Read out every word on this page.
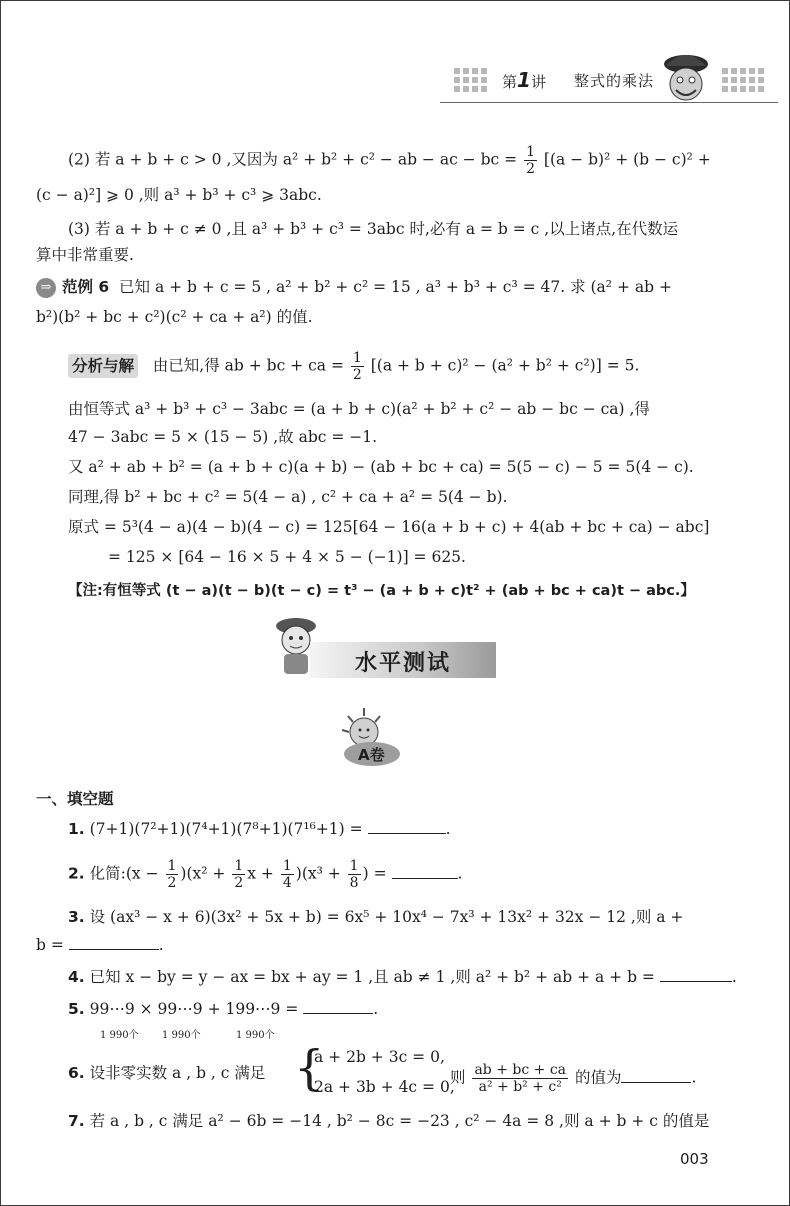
第1讲 整式的乘法
(2) 若 a + b + c > 0 ,又因为 a² + b² + c² − ab − ac − bc = $\frac{1}{2} [(a - b)^2 + (b - c)^2$ +
(c − a)²] ⩾ 0 ,则 a³ + b³ + c³ ⩾ 3abc.
(3) 若 a + b + c ≠ 0 ,且 a³ + b³ + c³ = 3abc 时,必有 a = b = c ,以上诸点,在代数运
算中非常重要.
⇒ 范例 6 已知 a + b + c = 5 , a² + b² + c² = 15 , a³ + b³ + c³ = 47. 求 (a² + ab +
b²)(b² + bc + c²)(c² + ca + a²) 的值.
分析与解 由已知,得 ab + bc + ca = $\frac{1}{2} [(a + b + c)^2 - (a^2 + b^2 + c^2)] = 5$.
由恒等式 a³ + b³ + c³ − 3abc = (a + b + c)(a² + b² + c² − ab − bc − ca) ,得
47 − 3abc = 5 × (15 − 5) ,故 abc = −1.
又 a² + ab + b² = (a + b + c)(a + b) − (ab + bc + ca) = 5(5 − c) − 5 = 5(4 − c).
同理,得 b² + bc + c² = 5(4 − a) , c² + ca + a² = 5(4 − b).
原式 = 5³(4 − a)(4 − b)(4 − c) = 125[64 − 16(a + b + c) + 4(ab + bc + ca) − abc]
= 125 × [64 − 16 × 5 + 4 × 5 − (−1)] = 625.
【注:有恒等式 (t − a)(t − b)(t − c) = t³ − (a + b + c)t² + (ab + bc + ca)t − abc.】
水平测试
A卷
一、填空题
1. (7+1)(7²+1)(7⁴+1)(7⁸+1)(7¹⁶+1) =	.
2. 化简:(x − $\frac{1}{2} )(x^2 + \frac{1}{2}$ $x + \frac{1}{4} )(x^3 + \frac{1}{8}$ ) =	.
3. 设 (ax³ − x + 6)(3x² + 5x + b) = 6x⁵ + 10x⁴ − 7x³ + 13x² + 32x − 12 ,则 a +
b =	.
4. 已知 x − by = y − ax = bx + ay = 1 ,且 ab ≠ 1 ,则 a² + b² + ab + a + b =	.
5. 99⋯9 × 99⋯9 + 199⋯9 =	.
1 990个 1 990个	1 990个
6. 设非零实数 a , b , c 满足 {
a + 2b + 3c = 0,
2a + 3b + 4c = 0,
则 $\frac{ab + bc + ca}{\text{a² + b² + c²}}$ 的值为	.
7. 若 a , b , c 满足 a² − 6b = −14 , b² − 8c = −23 , c² − 4a = 8 ,则 a + b + c 的值是
003
